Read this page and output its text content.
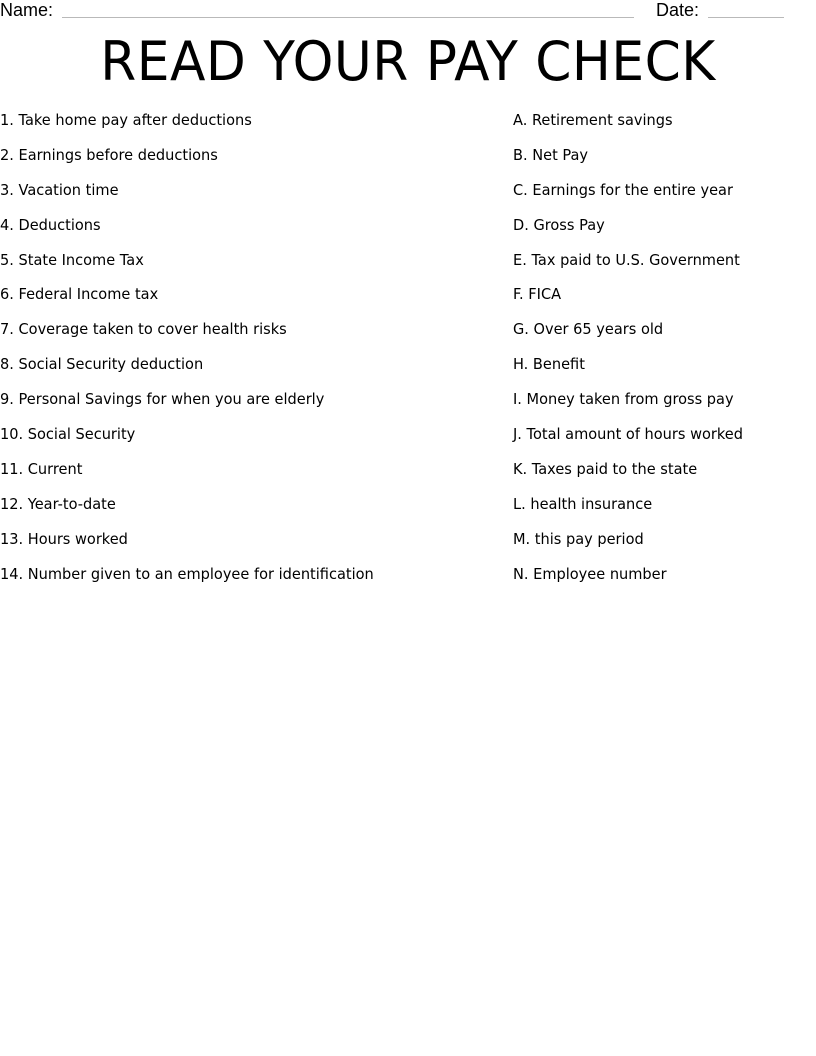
Name:	Date:
READ YOUR PAY CHECK
1. Take home pay after deductions
2. Earnings before deductions
3. Vacation time
4. Deductions
5. State Income Tax
6. Federal Income tax
7. Coverage taken to cover health risks
8. Social Security deduction
9. Personal Savings for when you are elderly
10. Social Security
11. Current
12. Year-to-date
13. Hours worked
14. Number given to an employee for identification
A. Retirement savings
B. Net Pay
C. Earnings for the entire year
D. Gross Pay
E. Tax paid to U.S. Government
F. FICA
G. Over 65 years old
H. Benefit
I. Money taken from gross pay
J. Total amount of hours worked
K. Taxes paid to the state
L. health insurance
M. this pay period
N. Employee number
